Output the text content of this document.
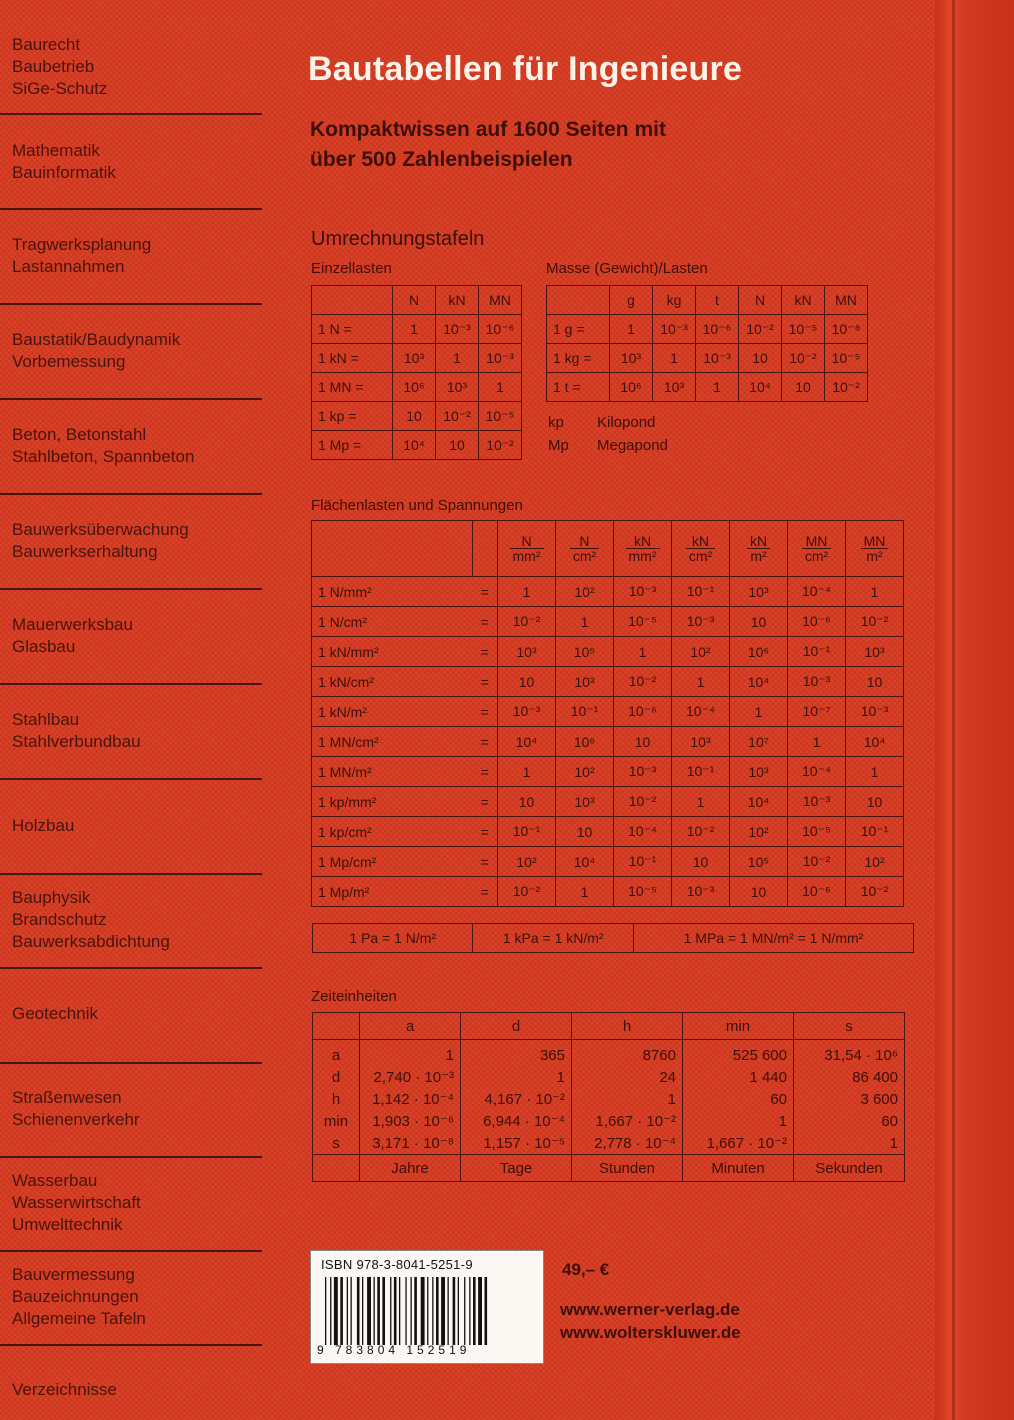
Baurecht
Baubetrieb
SiGe-Schutz
Mathematik
Bauinformatik
Tragwerksplanung
Lastannahmen
Baustatik/Baudynamik
Vorbemessung
Beton, Betonstahl
Stahlbeton, Spannbeton
Bauwerksüberwachung
Bauwerkserhaltung
Mauerwerksbau
Glasbau
Stahlbau
Stahlverbundbau
Holzbau
Bauphysik
Brandschutz
Bauwerksabdichtung
Geotechnik
Straßenwesen
Schienenverkehr
Wasserbau
Wasserwirtschaft
Umwelttechnik
Bauvermessung
Bauzeichnungen
Allgemeine Tafeln
Verzeichnisse
Bautabellen für Ingenieure
Kompaktwissen auf 1600 Seiten mit
über 500 Zahlenbeispielen
Umrechnungstafeln
Einzellasten
	N	kN	MN
1 N =	1	10⁻³	10⁻⁶
1 kN =	10³	1	10⁻³
1 MN =	10⁶	10³	1
1 kp =	10	10⁻²	10⁻⁵
1 Mp =	10⁴	10	10⁻²
Masse (Gewicht)/Lasten
	g	kg	t	N	kN	MN
1 g =	1	10⁻³	10⁻⁶	10⁻²	10⁻⁵	10⁻⁸
1 kg =	10³	1	10⁻³	10	10⁻²	10⁻⁵
1 t =	10⁶	10³	1	10⁴	10	10⁻²
kp Kilopond
Mp Megapond
Flächenlasten und Spannungen

		$\frac{N}{\text{mm²}}$	$\frac{N}{\text{cm²}}$	$\frac{kN}{\text{mm²}}$	$\frac{kN}{\text{cm²}}$	$\frac{kN}{\text{m²}}$	$\frac{MN}{\text{cm²}}$	$\frac{MN}{\text{m²}}$

1 N/mm²	=	1	10²	10⁻³	10⁻¹	10³	10⁻⁴	1
1 N/cm²	=	10⁻²	1	10⁻⁵	10⁻³	10	10⁻⁶	10⁻²
1 kN/mm²	=	10³	10⁵	1	10²	10⁶	10⁻¹	10³
1 kN/cm²	=	10	10³	10⁻²	1	10⁴	10⁻³	10
1 kN/m²	=	10⁻³	10⁻¹	10⁻⁶	10⁻⁴	1	10⁻⁷	10⁻³
1 MN/cm²	=	10⁴	10⁶	10	10³	10⁷	1	10⁴
1 MN/m²	=	1	10²	10⁻³	10⁻¹	10³	10⁻⁴	1
1 kp/mm²	=	10	10³	10⁻²	1	10⁴	10⁻³	10
1 kp/cm²	=	10⁻¹	10	10⁻⁴	10⁻²	10²	10⁻⁵	10⁻¹
1 Mp/cm²	=	10²	10⁴	10⁻¹	10	10⁵	10⁻²	10²
1 Mp/m²	=	10⁻²	1	10⁻⁵	10⁻³	10	10⁻⁶	10⁻²
1 Pa = 1 N/m²	1 kPa = 1 kN/m²	1 MPa = 1 MN/m² = 1 N/mm²
Zeiteinheiten
	a	d	h	min	s
a	1	365	8760	525 600	31,54 · 10⁶
d	2,740 · 10⁻³	1	24	1 440	86 400
h	1,142 · 10⁻⁴	4,167 · 10⁻²	1	60	3 600
min	1,903 · 10⁻⁶	6,944 · 10⁻⁴	1,667 · 10⁻²	1	60
s	3,171 · 10⁻⁸	1,157 · 10⁻⁵	2,778 · 10⁻⁴	1,667 · 10⁻²	1
	Jahre	Tage	Stunden	Minuten	Sekunden
ISBN 978-3-8041-5251-9
9 783804 152519
49,– €
www.werner-verlag.de
www.wolterskluwer.de
